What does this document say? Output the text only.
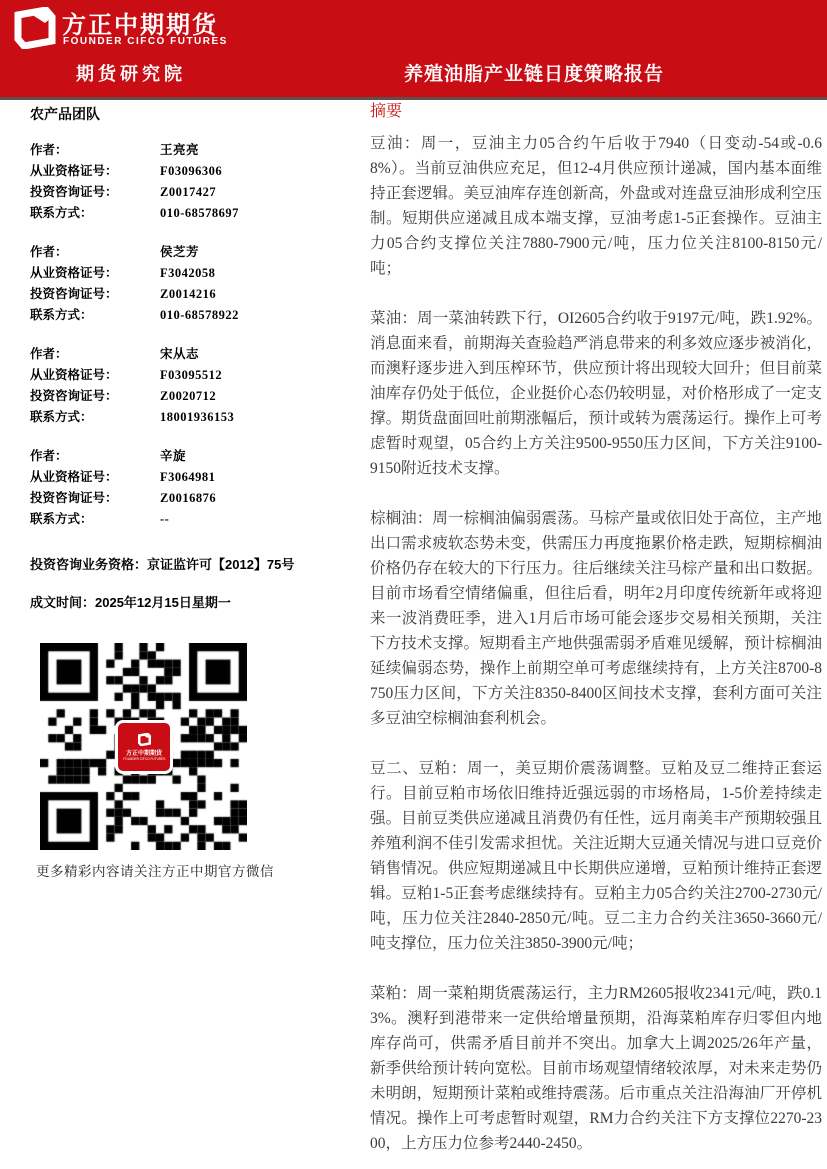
方正中期期货
FOUNDER CIFCO FUTURES
期货研究院	养殖油脂产业链日度策略报告
农产品团队
作者：	王亮亮
从业资格证号：	F03096306
投资咨询证号：	Z0017427
联系方式：	010-68578697
作者：	侯芝芳
从业资格证号：	F3042058
投资咨询证号：	Z0014216
联系方式：	010-68578922
作者：	宋从志
从业资格证号：	F03095512
投资咨询证号：	Z0020712
联系方式：	18001936153
作者：	辛旋
从业资格证号：	F3064981
投资咨询证号：	Z0016876
联系方式：	--
投资咨询业务资格：京证监许可【2012】75号
成文时间：2025年12月15日星期一
方正中期期货
FOUNDER CIFCO FUTURES
更多精彩内容请关注方正中期官方微信
摘要

豆油：周一，豆油主力05合约午后收于7940（日变动-54或-0.68%）。当前豆油供应充足，但12-4月供应预计递减，国内基本面维持正套逻辑。美豆油库存连创新高，外盘或对连盘豆油形成利空压制。短期供应递减且成本端支撑，豆油考虑1-5正套操作。豆油主力05合约支撑位关注7880-7900元/吨，压力位关注8100-8150元/吨；

菜油：周一菜油转跌下行，OI2605合约收于9197元/吨，跌1.92%。消息面来看，前期海关查验趋严消息带来的利多效应逐步被消化，而澳籽逐步进入到压榨环节，供应预计将出现较大回升；但目前菜油库存仍处于低位，企业挺价心态仍较明显，对价格形成了一定支撑。期货盘面回吐前期涨幅后，预计或转为震荡运行。操作上可考虑暂时观望，05合约上方关注9500-9550压力区间，下方关注9100-9150附近技术支撑。

棕榈油：周一棕榈油偏弱震荡。马棕产量或依旧处于高位，主产地出口需求疲软态势未变，供需压力再度拖累价格走跌，短期棕榈油价格仍存在较大的下行压力。往后继续关注马棕产量和出口数据。目前市场看空情绪偏重，但往后看，明年2月印度传统新年或将迎来一波消费旺季，进入1月后市场可能会逐步交易相关预期，关注下方技术支撑。短期看主产地供强需弱矛盾难见缓解，预计棕榈油延续偏弱态势，操作上前期空单可考虑继续持有，上方关注8700-8750压力区间，下方关注8350-8400区间技术支撑，套利方面可关注多豆油空棕榈油套利机会。

豆二、豆粕：周一，美豆期价震荡调整。豆粕及豆二维持正套运行。目前豆粕市场依旧维持近强远弱的市场格局，1-5价差持续走强。目前豆类供应递减且消费仍有任性，远月南美丰产预期较强且养殖利润不佳引发需求担忧。关注近期大豆通关情况与进口豆竞价销售情况。供应短期递减且中长期供应递增，豆粕预计维持正套逻辑。豆粕1-5正套考虑继续持有。豆粕主力05合约关注2700-2730元/吨，压力位关注2840-2850元/吨。豆二主力合约关注3650-3660元/吨支撑位，压力位关注3850-3900元/吨；

菜粕：周一菜粕期货震荡运行，主力RM2605报收2341元/吨，跌0.13%。澳籽到港带来一定供给增量预期，沿海菜粕库存归零但内地库存尚可，供需矛盾目前并不突出。加拿大上调2025/26年产量，新季供给预计转向宽松。目前市场观望情绪较浓厚，对未来走势仍未明朗，短期预计菜粕或维持震荡。后市重点关注沿海油厂开停机情况。操作上可考虑暂时观望，RM力合约关注下方支撑位2270-2300，上方压力位参考2440-2450。
